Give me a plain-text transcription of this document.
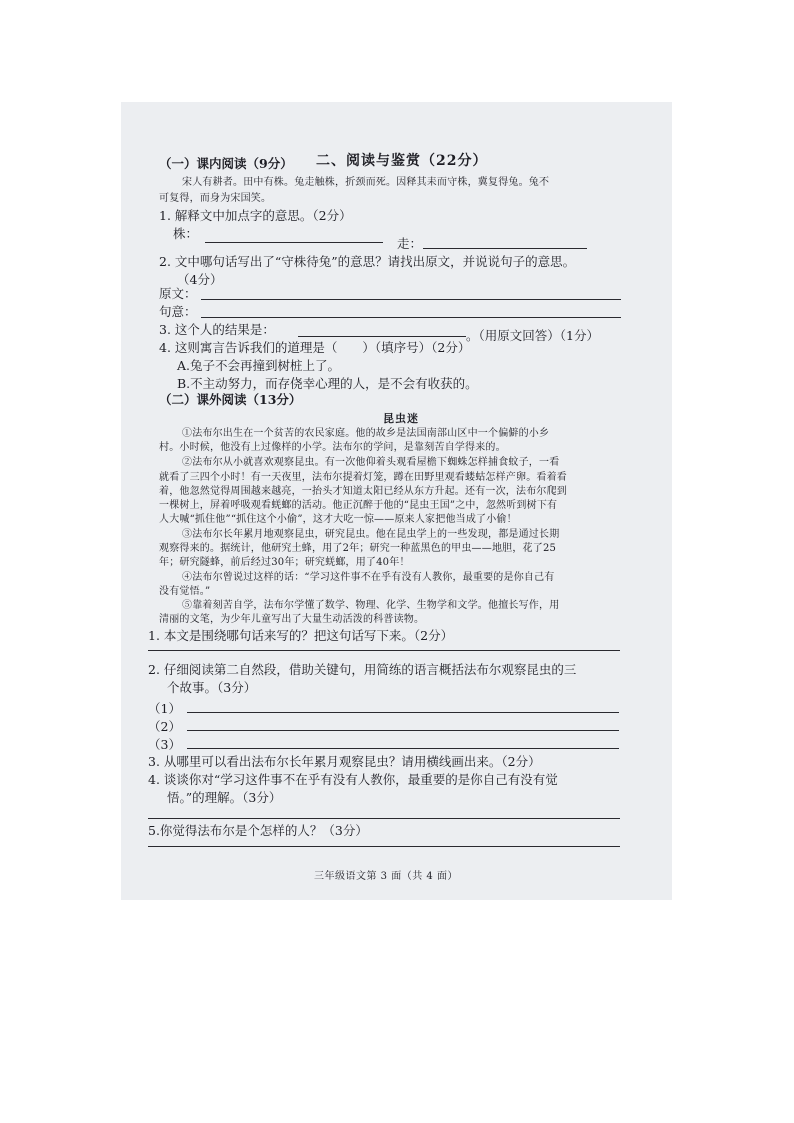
二、阅读与鉴赏（22分）
（一）课内阅读（9分）
宋人有耕者。田中有株。兔走触株，折颈而死。因释其耒而守株，冀复得兔。兔不
可复得，而身为宋国笑。
1. 解释文中加点字的意思。（2分）
株：
走：
2. 文中哪句话写出了“守株待兔”的意思？请找出原文，并说说句子的意思。
（4分）
原文：
句意：
3. 这个人的结果是：	。（用原文回答）（1分）
4. 这则寓言告诉我们的道理是（　　）（填序号）（2分）
A.兔子不会再撞到树桩上了。
B.不主动努力，而存侥幸心理的人，是不会有收获的。
（二）课外阅读（13分）
昆虫迷
①法布尔出生在一个贫苦的农民家庭。他的故乡是法国南部山区中一个偏僻的小乡
村。小时候，他没有上过像样的小学。法布尔的学问，是靠刻苦自学得来的。
②法布尔从小就喜欢观察昆虫。有一次他仰着头观看屋檐下蜘蛛怎样捕食蚊子，一看
就看了三四个小时！有一天夜里，法布尔提着灯笼，蹲在田野里观看蝼蛄怎样产卵。看着看
着，他忽然觉得周围越来越亮，一抬头才知道太阳已经从东方升起。还有一次，法布尔爬到
一棵树上，屏着呼吸观看蜣螂的活动。他正沉醉于他的“昆虫王国”之中，忽然听到树下有
人大喊“抓住他”“抓住这个小偷”，这才大吃一惊——原来人家把他当成了小偷！
③法布尔长年累月地观察昆虫，研究昆虫。他在昆虫学上的一些发现，都是通过长期
观察得来的。据统计，他研究土蜂，用了2年；研究一种蓝黑色的甲虫——地胆，花了25
年；研究隧蜂，前后经过30年；研究蜣螂，用了40年！
④法布尔曾说过这样的话：“学习这件事不在乎有没有人教你，最重要的是你自己有
没有觉悟。”
⑤靠着刻苦自学，法布尔学懂了数学、物理、化学、生物学和文学。他擅长写作，用
清丽的文笔，为少年儿童写出了大量生动活泼的科普读物。
1. 本文是围绕哪句话来写的？把这句话写下来。（2分）
2. 仔细阅读第二自然段，借助关键句，用简练的语言概括法布尔观察昆虫的三
个故事。（3分）
（1）
（2）
（3）
3. 从哪里可以看出法布尔长年累月观察昆虫？请用横线画出来。（2分）
4. 谈谈你对“学习这件事不在乎有没有人教你，最重要的是你自己有没有觉
悟。”的理解。（3分）
5.你觉得法布尔是个怎样的人？（3分）
三年级语文第 3 面（共 4 面）
